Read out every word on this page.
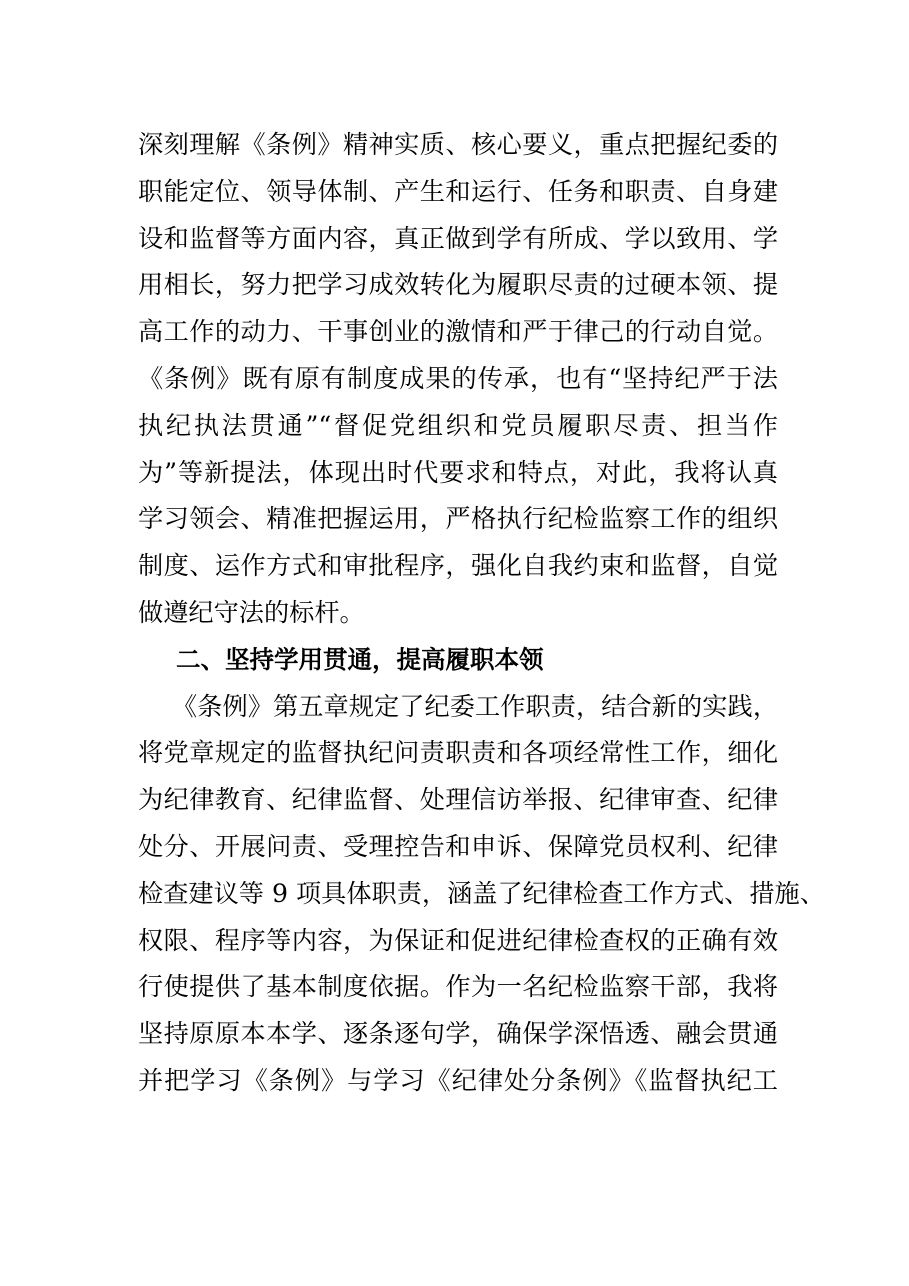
深刻理解《条例》精神实质、核心要义，重点把握纪委的
职能定位、领导体制、产生和运行、任务和职责、自身建
设和监督等方面内容，真正做到学有所成、学以致用、学
用相长，努力把学习成效转化为履职尽责的过硬本领、提
高工作的动力、干事创业的激情和严于律己的行动自觉。
《条例》既有原有制度成果的传承，也有“坚持纪严于法
执纪执法贯通”“督促党组织和党员履职尽责、担当作
为”等新提法，体现出时代要求和特点，对此，我将认真
学习领会、精准把握运用，严格执行纪检监察工作的组织
制度、运作方式和审批程序，强化自我约束和监督，自觉
做遵纪守法的标杆。
二、坚持学用贯通，提高履职本领
《条例》第五章规定了纪委工作职责，结合新的实践，
将党章规定的监督执纪问责职责和各项经常性工作，细化
为纪律教育、纪律监督、处理信访举报、纪律审查、纪律
处分、开展问责、受理控告和申诉、保障党员权利、纪律
检查建议等 9 项具体职责，涵盖了纪律检查工作方式、措施、
权限、程序等内容，为保证和促进纪律检查权的正确有效
行使提供了基本制度依据。作为一名纪检监察干部，我将
坚持原原本本学、逐条逐句学，确保学深悟透、融会贯通
并把学习《条例》与学习《纪律处分条例》《监督执纪工
